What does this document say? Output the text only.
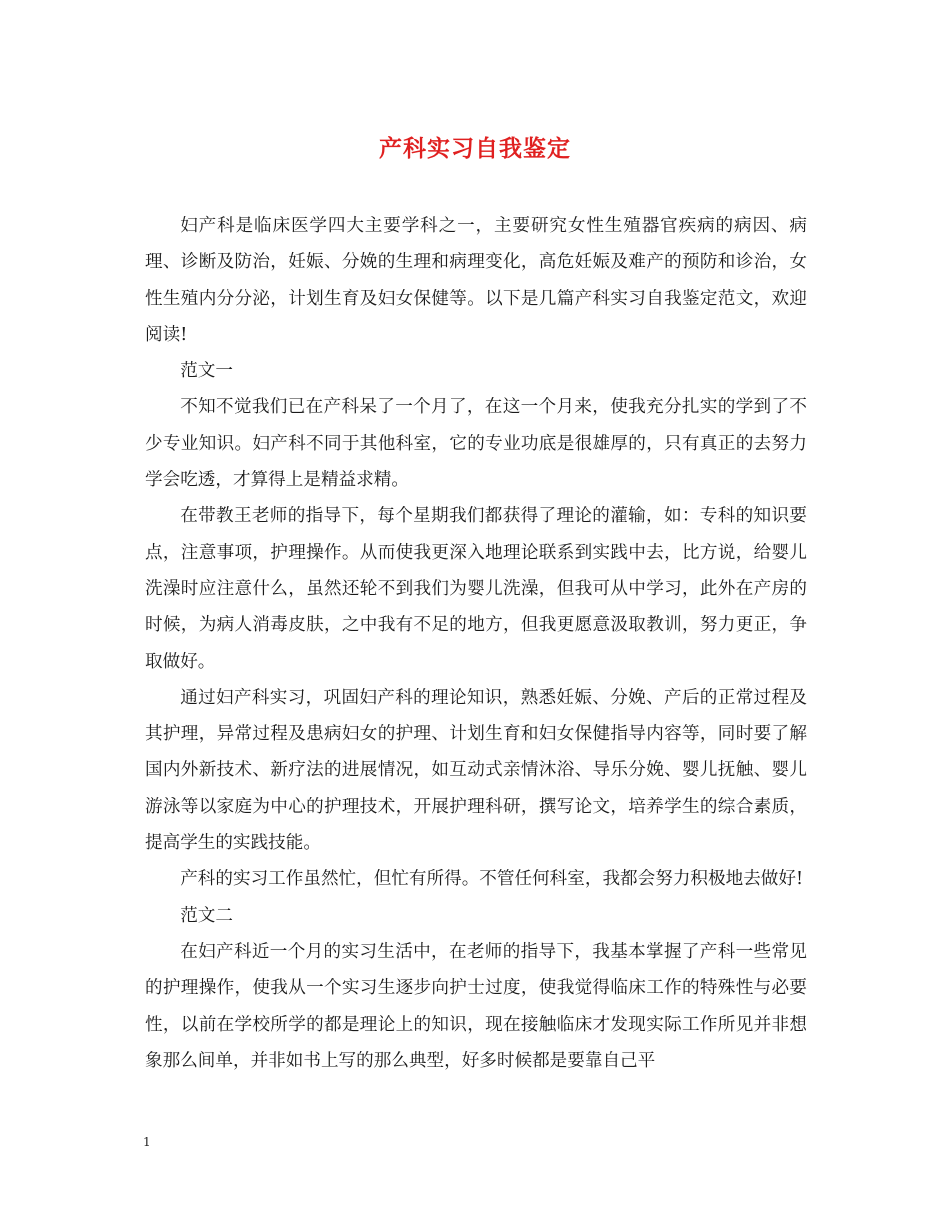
产科实习自我鉴定

妇产科是临床医学四大主要学科之一，主要研究女性生殖器官疾病的病因、病理、诊断及防治，妊娠、分娩的生理和病理变化，高危妊娠及难产的预防和诊治，女性生殖内分分泌，计划生育及妇女保健等。以下是几篇产科实习自我鉴定范文，欢迎阅读!

范文一

不知不觉我们已在产科呆了一个月了，在这一个月来，使我充分扎实的学到了不少专业知识。妇产科不同于其他科室，它的专业功底是很雄厚的，只有真正的去努力学会吃透，才算得上是精益求精。

在带教王老师的指导下，每个星期我们都获得了理论的灌输，如：专科的知识要点，注意事项，护理操作。从而使我更深入地理论联系到实践中去，比方说，给婴儿洗澡时应注意什么，虽然还轮不到我们为婴儿洗澡，但我可从中学习，此外在产房的时候，为病人消毒皮肤，之中我有不足的地方，但我更愿意汲取教训，努力更正，争取做好。

通过妇产科实习，巩固妇产科的理论知识，熟悉妊娠、分娩、产后的正常过程及其护理，异常过程及患病妇女的护理、计划生育和妇女保健指导内容等，同时要了解国内外新技术、新疗法的进展情况，如互动式亲情沐浴、导乐分娩、婴儿抚触、婴儿游泳等以家庭为中心的护理技术，开展护理科研，撰写论文，培养学生的综合素质，提高学生的实践技能。

产科的实习工作虽然忙，但忙有所得。不管任何科室，我都会努力积极地去做好!

范文二

在妇产科近一个月的实习生活中，在老师的指导下，我基本掌握了产科一些常见的护理操作，使我从一个实习生逐步向护士过度，使我觉得临床工作的特殊性与必要性，以前在学校所学的都是理论上的知识，现在接触临床才发现实际工作所见并非想象那么间单，并非如书上写的那么典型，好多时候都是要靠自己平

1
